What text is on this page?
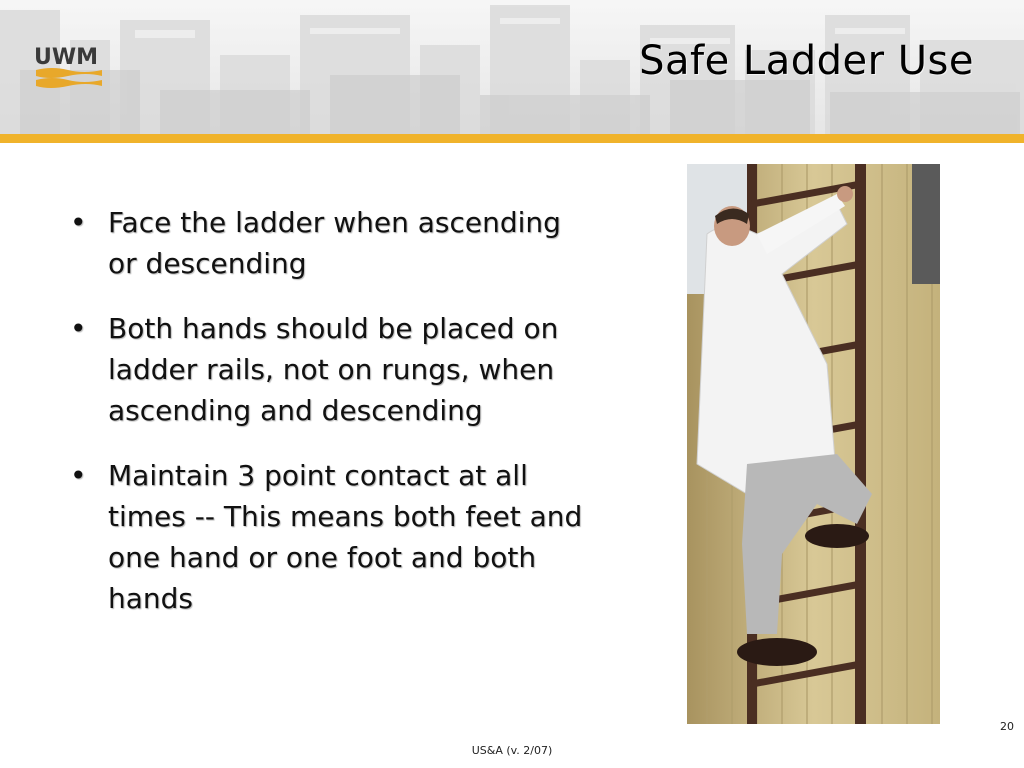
UWM	Safe Ladder Use
• Face the ladder when ascending or descending
• Both hands should be placed on ladder rails, not on rungs, when ascending and descending
• Maintain 3 point contact at all times -- This means both feet and one hand or one foot and both hands
20
US&A (v. 2/07)
